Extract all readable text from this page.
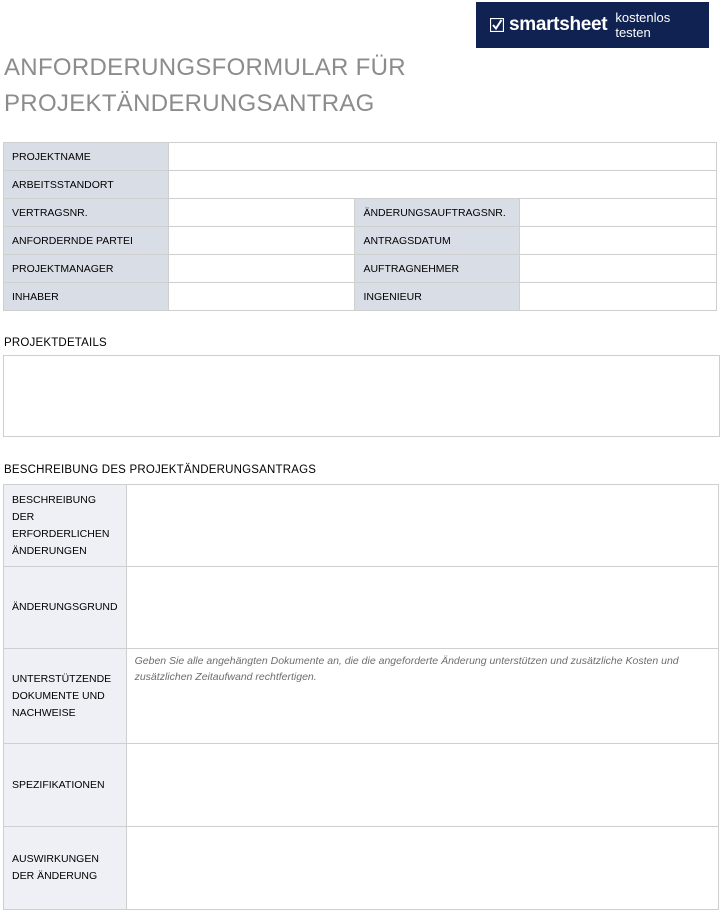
smartsheet kostenlos testen
ANFORDERUNGSFORMULAR FÜR
PROJEKTÄNDERUNGSANTRAG
PROJEKTNAME			
ARBEITSSTANDORT			
VERTRAGSNR.		ÄNDERUNGSAUFTRAGSNR.	
ANFORDERNDE PARTEI		ANTRAGSDATUM	
PROJEKTMANAGER		AUFTRAGNEHMER	
INHABER		INGENIEUR	
PROJEKTDETAILS
BESCHREIBUNG DES PROJEKTÄNDERUNGSANTRAGS
BESCHREIBUNG DER ERFORDERLICHEN ÄNDERUNGEN	
ÄNDERUNGSGRUND	
UNTERSTÜTZENDE DOKUMENTE UND NACHWEISE	Geben Sie alle angehängten Dokumente an, die die angeforderte Änderung unterstützen und zusätzliche Kosten und zusätzlichen Zeitaufwand rechtfertigen.
SPEZIFIKATIONEN	
AUSWIRKUNGEN DER ÄNDERUNG	
